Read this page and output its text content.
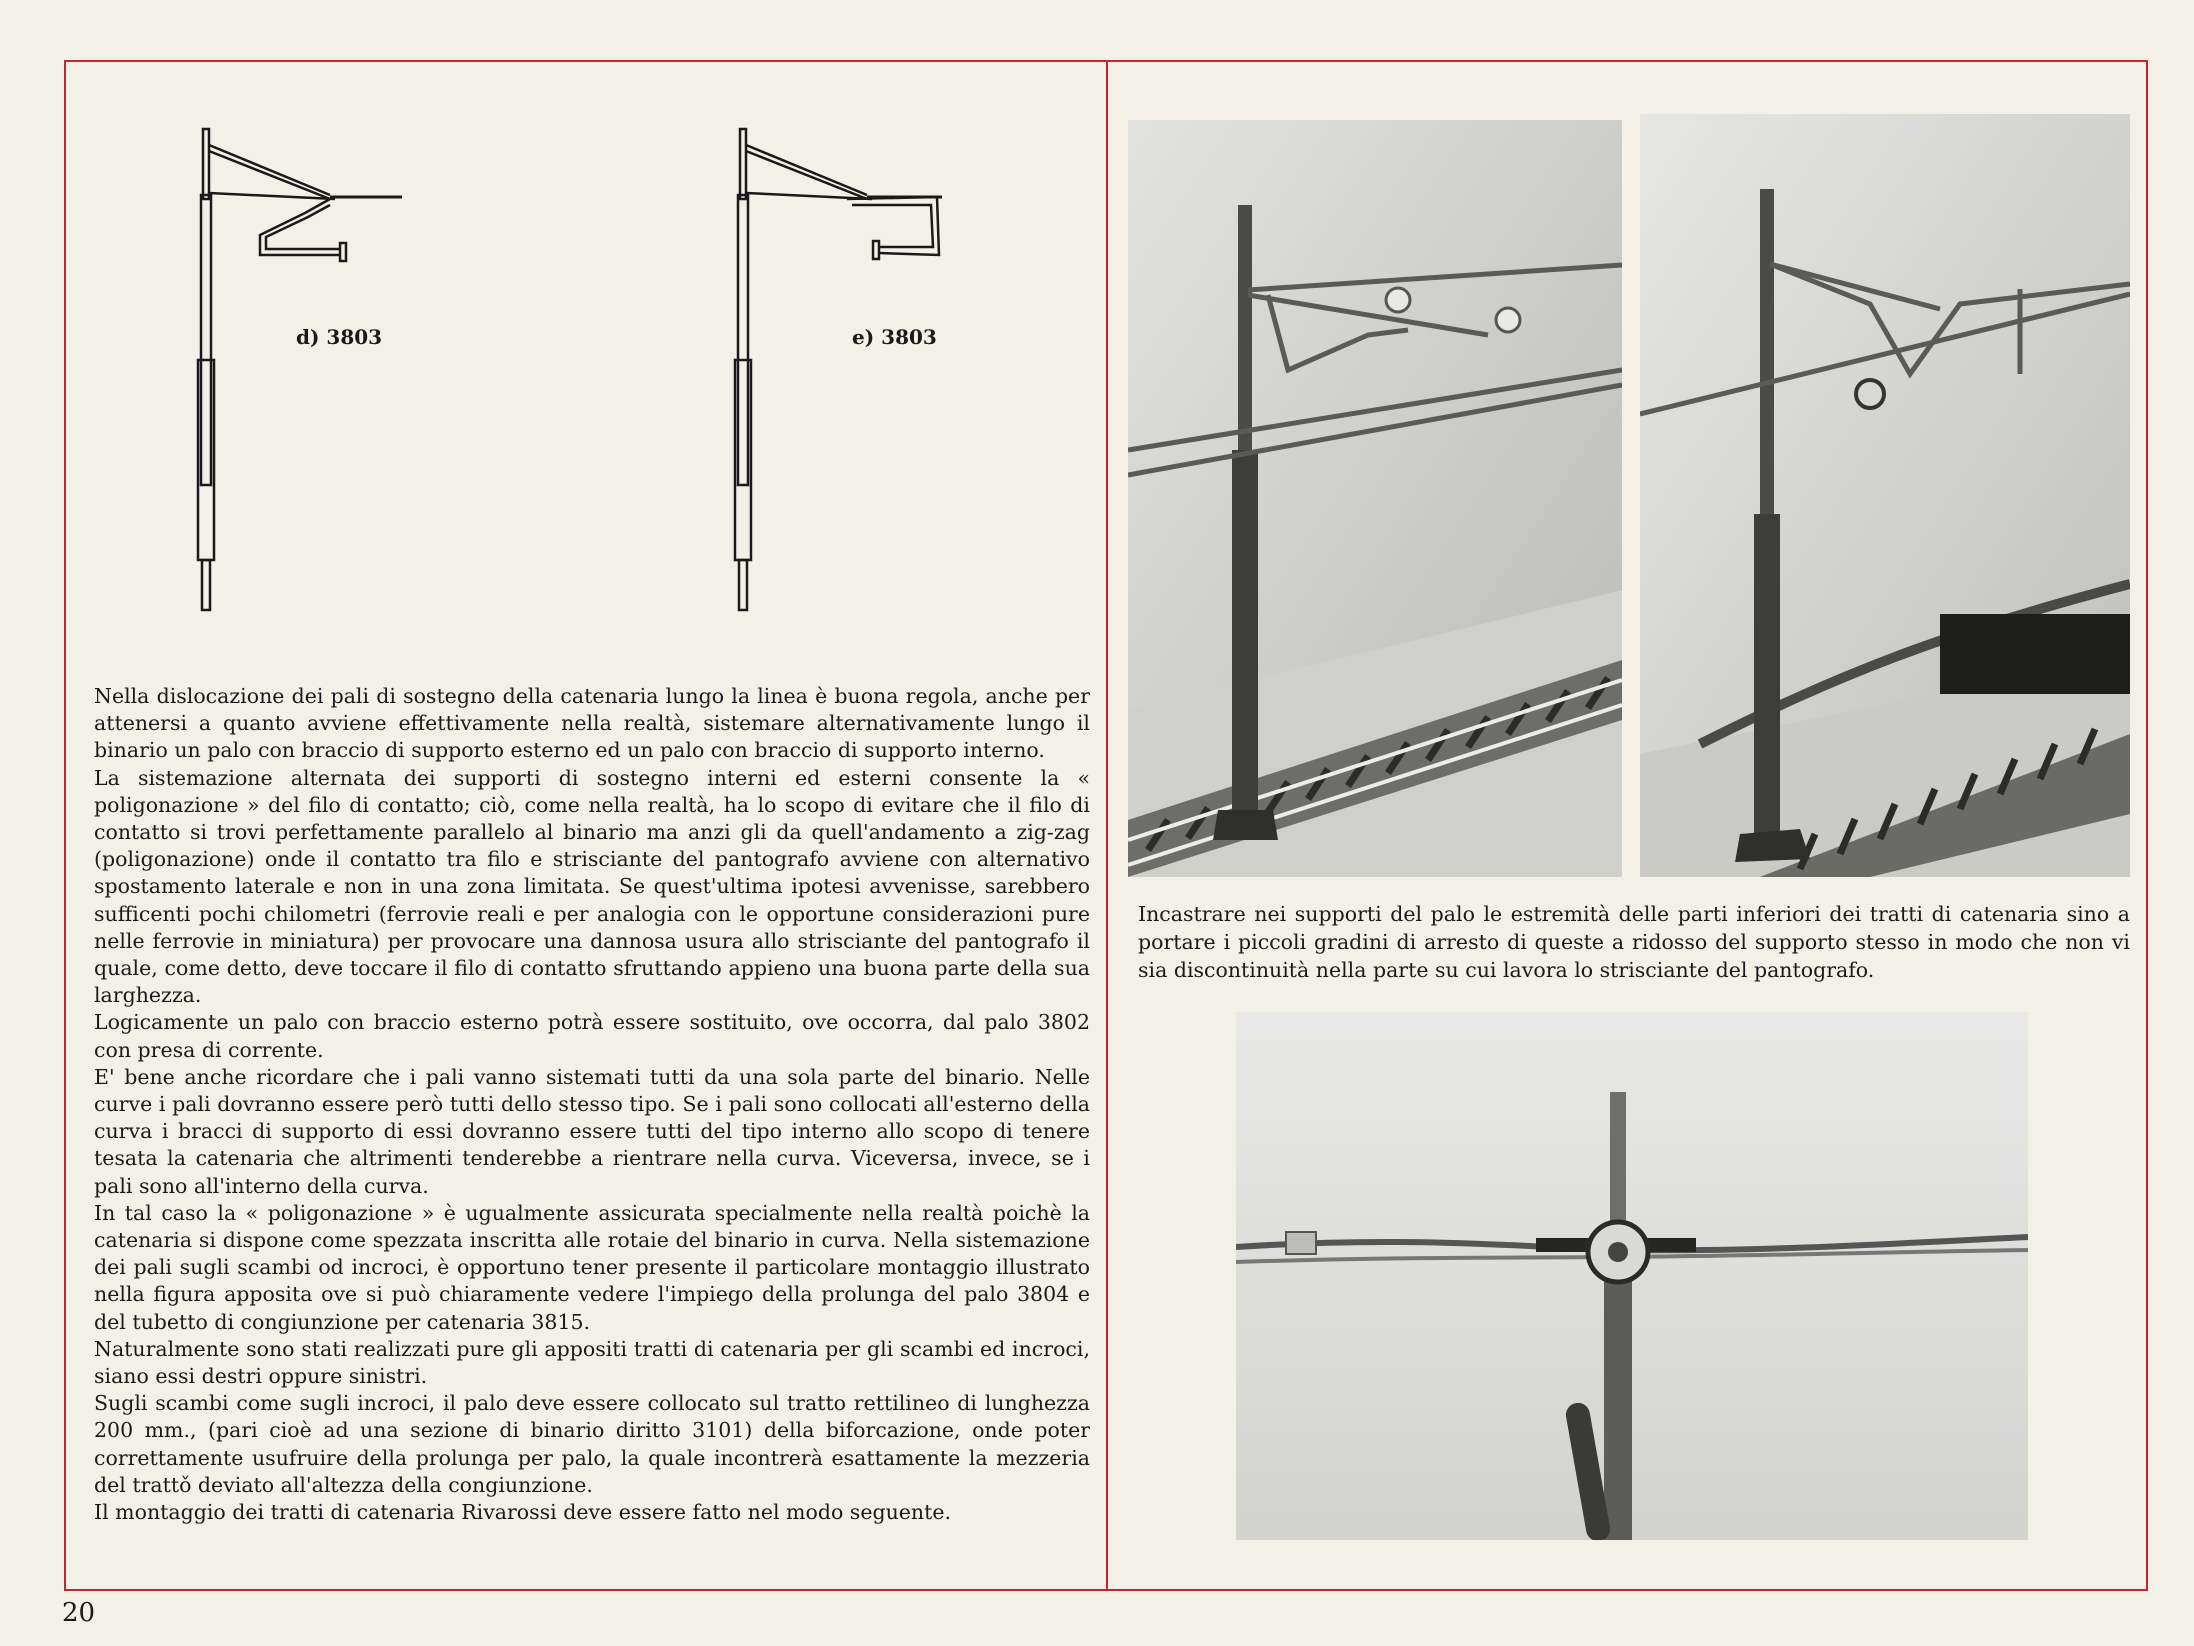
d) 3803	e) 3803

Nella dislocazione dei pali di sostegno della catenaria lungo la linea è buona regola, anche per attenersi a quanto avviene effettivamente nella realtà, sistemare alternativamente lungo il binario un palo con braccio di supporto esterno ed un palo con braccio di supporto interno.

La sistemazione alternata dei supporti di sostegno interni ed esterni consente la « poligonazione » del filo di contatto; ciò, come nella realtà, ha lo scopo di evitare che il filo di contatto si trovi perfettamente parallelo al binario ma anzi gli da quell'andamento a zig-zag (poligonazione) onde il contatto tra filo e strisciante del pantografo avviene con alternativo spostamento laterale e non in una zona limitata. Se quest'ultima ipotesi avvenisse, sarebbero sufficenti pochi chilometri (ferrovie reali e per analogia con le opportune considerazioni pure nelle ferrovie in miniatura) per provocare una dannosa usura allo strisciante del pantografo il quale, come detto, deve toccare il filo di contatto sfruttando appieno una buona parte della sua larghezza.

Logicamente un palo con braccio esterno potrà essere sostituito, ove occorra, dal palo 3802 con presa di corrente.

E' bene anche ricordare che i pali vanno sistemati tutti da una sola parte del binario. Nelle curve i pali dovranno essere però tutti dello stesso tipo. Se i pali sono collocati all'esterno della curva i bracci di supporto di essi dovranno essere tutti del tipo interno allo scopo di tenere tesata la catenaria che altrimenti tenderebbe a rientrare nella curva. Viceversa, invece, se i pali sono all'interno della curva.

In tal caso la « poligonazione » è ugualmente assicurata specialmente nella realtà poichè la catenaria si dispone come spezzata inscritta alle rotaie del binario in curva. Nella sistemazione dei pali sugli scambi od incroci, è opportuno tener presente il particolare montaggio illustrato nella figura apposita ove si può chiaramente vedere l'impiego della prolunga del palo 3804 e del tubetto di congiunzione per catenaria 3815.

Naturalmente sono stati realizzati pure gli appositi tratti di catenaria per gli scambi ed incroci, siano essi destri oppure sinistri.

Sugli scambi come sugli incroci, il palo deve essere collocato sul tratto rettilineo di lunghezza 200 mm., (pari cioè ad una sezione di binario diritto 3101) della biforcazione, onde poter correttamente usufruire della prolunga per palo, la quale incontrerà esattamente la mezzeria del trattǒ deviato all'altezza della congiunzione.

Il montaggio dei tratti di catenaria Rivarossi deve essere fatto nel modo seguente.

Incastrare nei supporti del palo le estremità delle parti inferiori dei tratti di catenaria sino a portare i piccoli gradini di arresto di queste a ridosso del supporto stesso in modo che non vi sia discontinuità nella parte su cui lavora lo strisciante del pantografo.
20
